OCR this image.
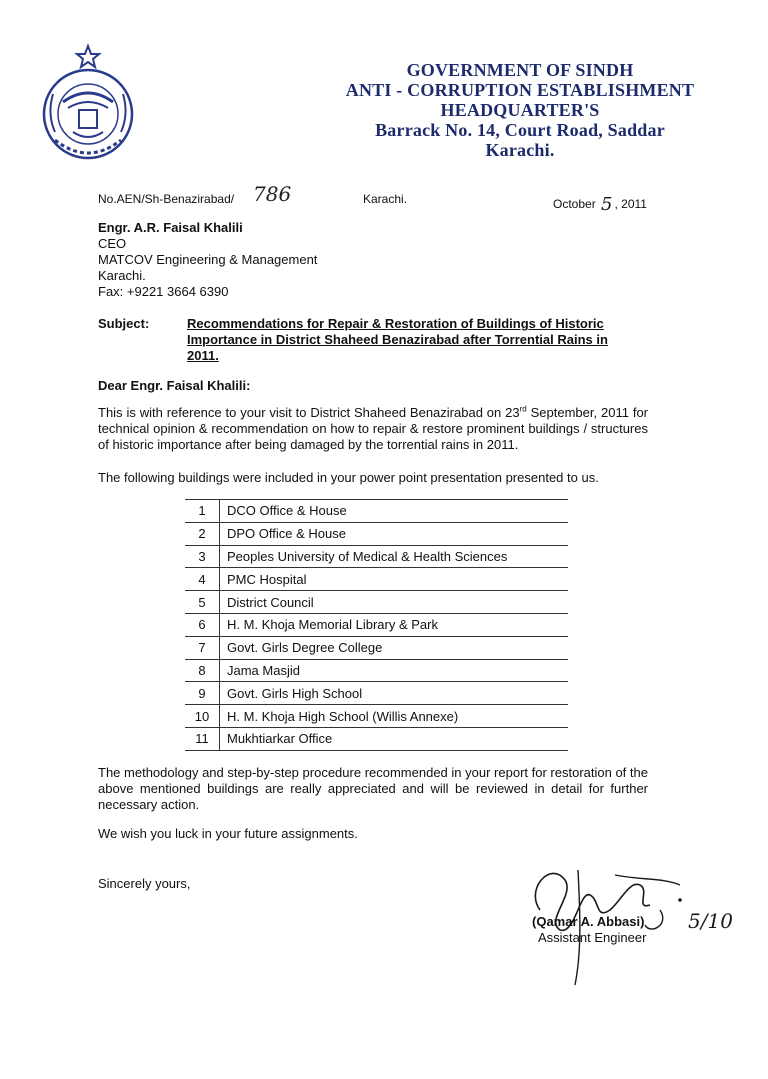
GOVERNMENT OF SINDH
ANTI - CORRUPTION ESTABLISHMENT
HEADQUARTER'S
Barrack No. 14, Court Road, Saddar
Karachi.
No.AEN/Sh-Benazirabad/ 786	Karachi.	October 5 , 2011
Engr. A.R. Faisal Khalili
CEO
MATCOV Engineering & Management
Karachi.
Fax: +9221 3664 6390
Subject:	Recommendations for Repair & Restoration of Buildings of Historic Importance in District Shaheed Benazirabad after Torrential Rains in 2011.
Dear Engr. Faisal Khalili:
This is with reference to your visit to District Shaheed Benazirabad on 23rd September, 2011 for technical opinion & recommendation on how to repair & restore prominent buildings / structures of historic importance after being damaged by the torrential rains in 2011.
The following buildings were included in your power point presentation presented to us.
1	DCO Office & House
2	DPO Office & House
3	Peoples University of Medical & Health Sciences
4	PMC Hospital
5	District Council
6	H. M. Khoja Memorial Library & Park
7	Govt. Girls Degree College
8	Jama Masjid
9	Govt. Girls High School
10	H. M. Khoja High School (Willis Annexe)
11	Mukhtiarkar Office
The methodology and step-by-step procedure recommended in your report for restoration of the above mentioned buildings are really appreciated and will be reviewed in detail for further necessary action.
We wish you luck in your future assignments.
Sincerely yours,
5/10
(Qamar A. Abbasi)
Assistant Engineer
